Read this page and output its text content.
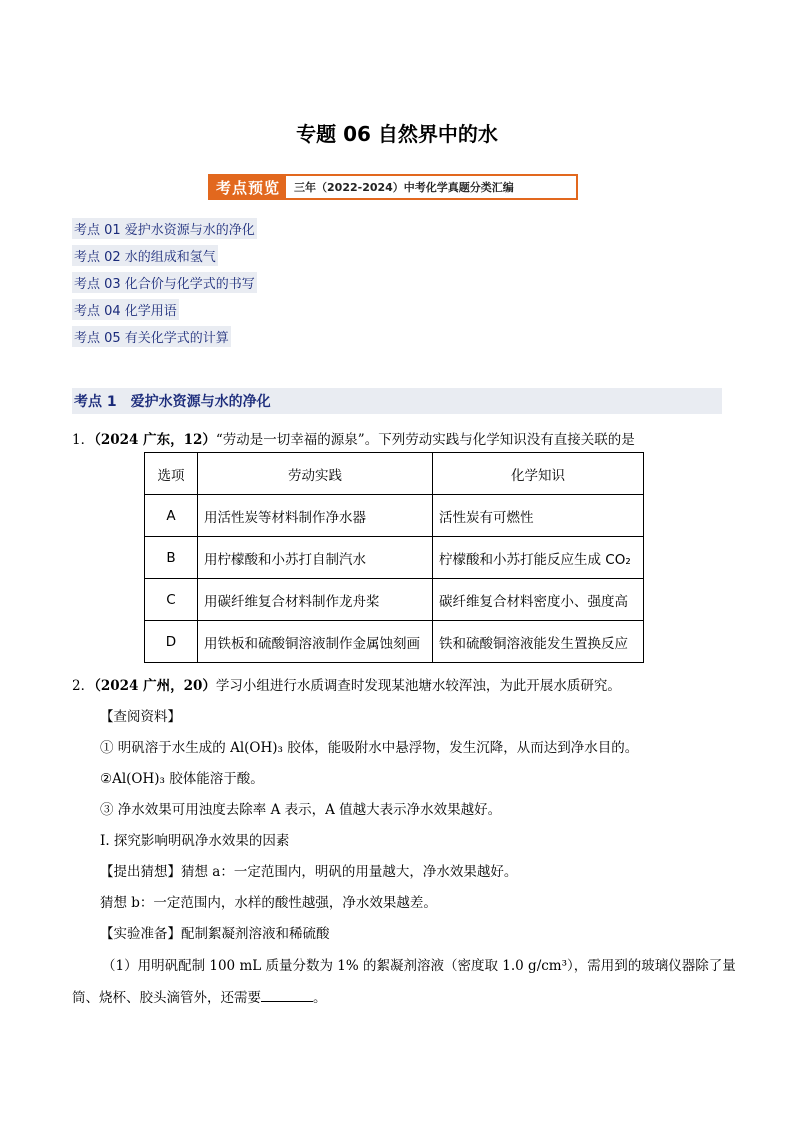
专题 06 自然界中的水
考点预览	三年（2022-2024）中考化学真题分类汇编
考点 01 爱护水资源与水的净化
考点 02 水的组成和氢气
考点 03 化合价与化学式的书写
考点 04 化学用语
考点 05 有关化学式的计算
考点 1 爱护水资源与水的净化
1．（2024 广东，12）“劳动是一切幸福的源泉”。下列劳动实践与化学知识没有直接关联的是
选项	劳动实践	化学知识
A	用活性炭等材料制作净水器	活性炭有可燃性
B	用柠檬酸和小苏打自制汽水	柠檬酸和小苏打能反应生成 CO₂
C	用碳纤维复合材料制作龙舟桨	碳纤维复合材料密度小、强度高
D	用铁板和硫酸铜溶液制作金属蚀刻画	铁和硫酸铜溶液能发生置换反应
2．（2024 广州，20）学习小组进行水质调查时发现某池塘水较浑浊，为此开展水质研究。
【查阅资料】
① 明矾溶于水生成的 Al(OH)₃ 胶体，能吸附水中悬浮物，发生沉降，从而达到净水目的。
②Al(OH)₃ 胶体能溶于酸。
③ 净水效果可用浊度去除率 A 表示，A 值越大表示净水效果越好。
Ⅰ. 探究影响明矾净水效果的因素
【提出猜想】猜想 a：一定范围内，明矾的用量越大，净水效果越好。
猜想 b：一定范围内，水样的酸性越强，净水效果越差。
【实验准备】配制絮凝剂溶液和稀硫酸
（1）用明矾配制 100 mL 质量分数为 1% 的絮凝剂溶液（密度取 1.0 g/cm³），需用到的玻璃仪器除了量
筒、烧杯、胶头滴管外，还需要	。
